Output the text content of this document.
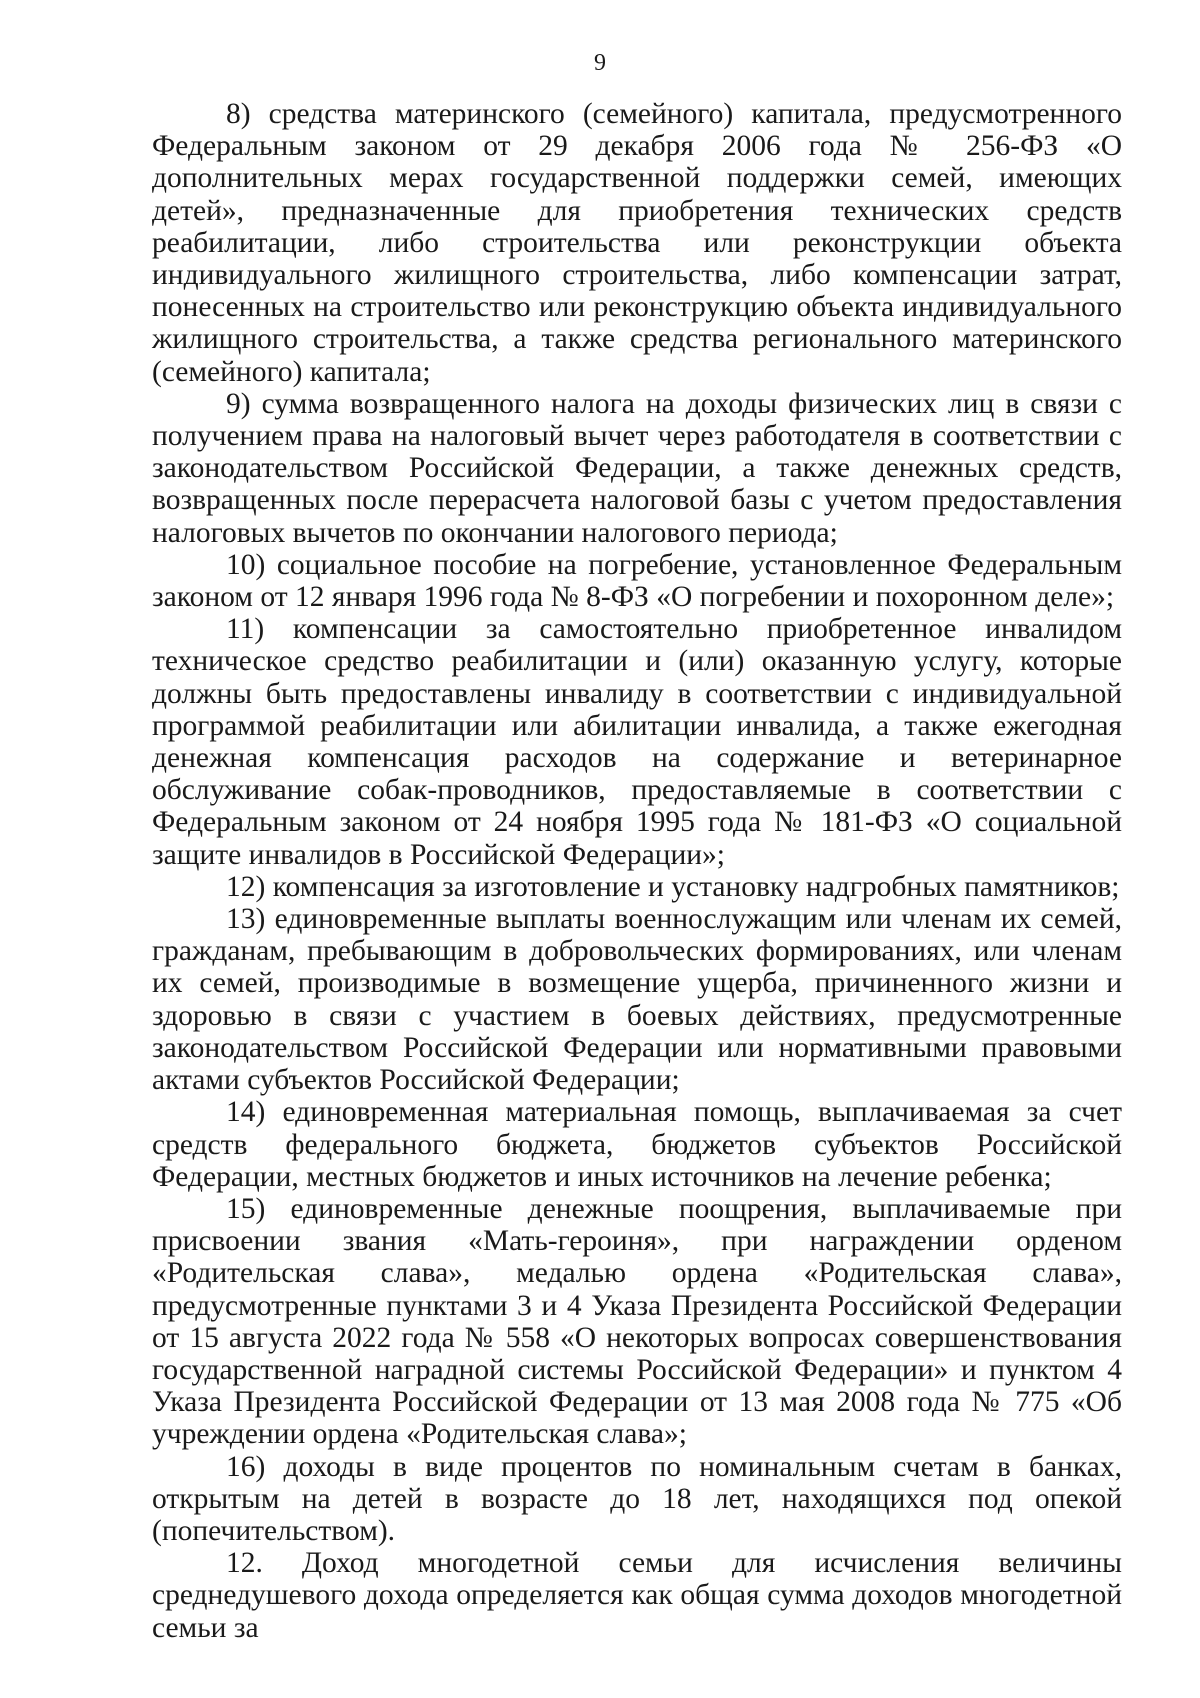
9

8) средства материнского (семейного) капитала, предусмотренного Федеральным законом от 29 декабря 2006 года № 256-ФЗ «О дополнительных мерах государственной поддержки семей, имеющих детей», предназначенные для приобретения технических средств реабилитации, либо строительства или реконструкции объекта индивидуального жилищного строительства, либо компенсации затрат, понесенных на строительство или реконструкцию объекта индивидуального жилищного строительства, а также средства регионального материнского (семейного) капитала;

9) сумма возвращенного налога на доходы физических лиц в связи с получением права на налоговый вычет через работодателя в соответствии с законодательством Российской Федерации, а также денежных средств, возвращенных после перерасчета налоговой базы с учетом предоставления налоговых вычетов по окончании налогового периода;

10) социальное пособие на погребение, установленное Федеральным законом от 12 января 1996 года № 8-ФЗ «О погребении и похоронном деле»;

11) компенсации за самостоятельно приобретенное инвалидом техническое средство реабилитации и (или) оказанную услугу, которые должны быть предоставлены инвалиду в соответствии с индивидуальной программой реабилитации или абилитации инвалида, а также ежегодная денежная компенсация расходов на содержание и ветеринарное обслуживание собак-проводников, предоставляемые в соответствии с Федеральным законом от 24 ноября 1995 года № 181-ФЗ «О социальной защите инвалидов в Российской Федерации»;

12) компенсация за изготовление и установку надгробных памятников;

13) единовременные выплаты военнослужащим или членам их семей, гражданам, пребывающим в добровольческих формированиях, или членам их семей, производимые в возмещение ущерба, причиненного жизни и здоровью в связи с участием в боевых действиях, предусмотренные законодательством Российской Федерации или нормативными правовыми актами субъектов Российской Федерации;

14) единовременная материальная помощь, выплачиваемая за счет средств федерального бюджета, бюджетов субъектов Российской Федерации, местных бюджетов и иных источников на лечение ребенка;

15) единовременные денежные поощрения, выплачиваемые при присвоении звания «Мать-героиня», при награждении орденом «Родительская слава», медалью ордена «Родительская слава», предусмотренные пунктами 3 и 4 Указа Президента Российской Федерации от 15 августа 2022 года № 558 «О некоторых вопросах совершенствования государственной наградной системы Российской Федерации» и пунктом 4 Указа Президента Российской Федерации от 13 мая 2008 года № 775 «Об учреждении ордена «Родительская слава»;

16) доходы в виде процентов по номинальным счетам в банках, открытым на детей в возрасте до 18 лет, находящихся под опекой (попечительством).

12. Доход многодетной семьи для исчисления величины среднедушевого дохода определяется как общая сумма доходов многодетной семьи за
